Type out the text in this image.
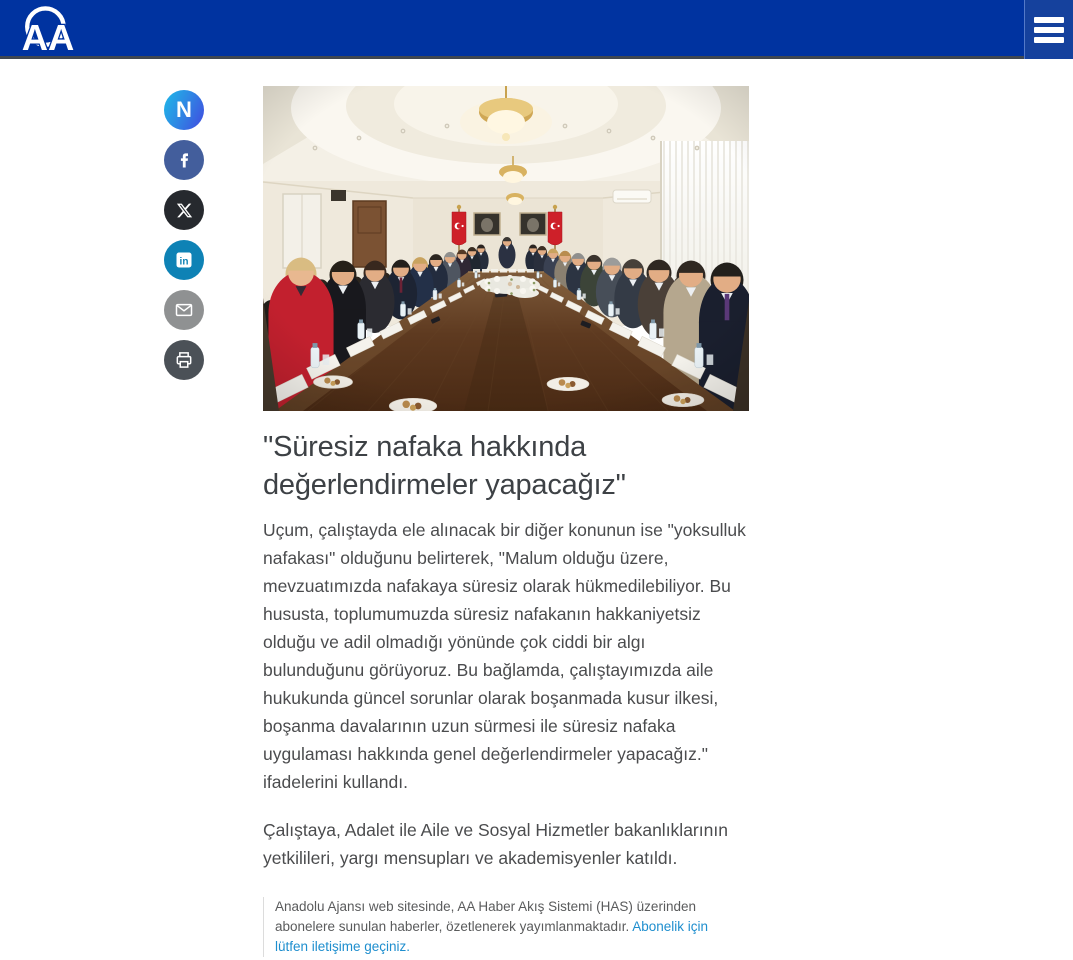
AA
N
in
"Süresiz nafaka hakkında değerlendirmeler yapacağız"

Uçum, çalıştayda ele alınacak bir diğer konunun ise "yoksulluk nafakası" olduğunu belirterek, "Malum olduğu üzere, mevzuatımızda nafakaya süresiz olarak hükmedilebiliyor. Bu hususta, toplumumuzda süresiz nafakanın hakkaniyetsiz olduğu ve adil olmadığı yönünde çok ciddi bir algı bulunduğunu görüyoruz. Bu bağlamda, çalıştayımızda aile hukukunda güncel sorunlar olarak boşanmada kusur ilkesi, boşanma davalarının uzun sürmesi ile süresiz nafaka uygulaması hakkında genel değerlendirmeler yapacağız." ifadelerini kullandı.

Çalıştaya, Adalet ile Aile ve Sosyal Hizmetler bakanlıklarının yetkilileri, yargı mensupları ve akademisyenler katıldı.

Anadolu Ajansı web sitesinde, AA Haber Akış Sistemi (HAS) üzerinden abonelere sunulan haberler, özetlenerek yayımlanmaktadır. Abonelik için lütfen iletişime geçiniz.
